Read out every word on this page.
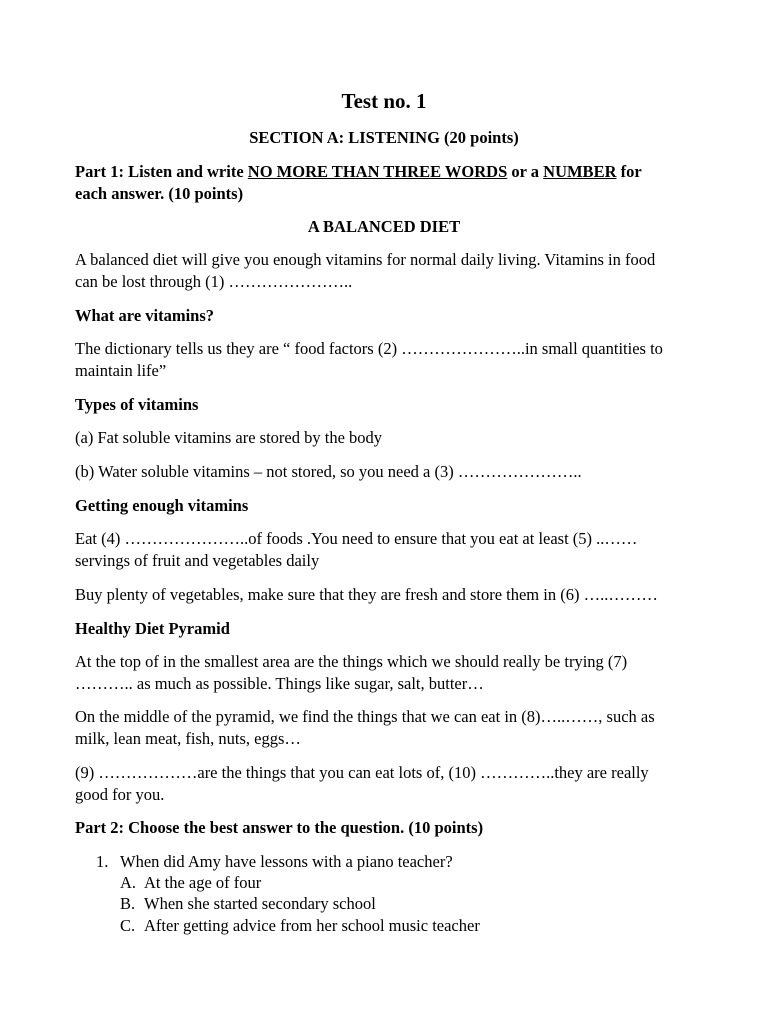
Test no. 1
SECTION A: LISTENING (20 points)
Part 1: Listen and write NO MORE THAN THREE WORDS or a NUMBER for
each answer. (10 points)
A BALANCED DIET
A balanced diet will give you enough vitamins for normal daily living. Vitamins in food
can be lost through (1) …………………..
What are vitamins?
The dictionary tells us they are “ food factors (2) …………………..in small quantities to
maintain life”
Types of vitamins
(a) Fat soluble vitamins are stored by the body
(b) Water soluble vitamins – not stored, so you need a (3) …………………..
Getting enough vitamins
Eat (4) …………………..of foods .You need to ensure that you eat at least (5) ..……
servings of fruit and vegetables daily
Buy plenty of vegetables, make sure that they are fresh and store them in (6) …..………
Healthy Diet Pyramid
At the top of in the smallest area are the things which we should really be trying (7)
……….. as much as possible. Things like sugar, salt, butter…
On the middle of the pyramid, we find the things that we can eat in (8)…..……, such as
milk, lean meat, fish, nuts, eggs…
(9) ………………are the things that you can eat lots of, (10) …………..they are really
good for you.
Part 2: Choose the best answer to the question. (10 points)
1. When did Amy have lessons with a piano teacher?
A. At the age of four
B. When she started secondary school
C. After getting advice from her school music teacher
